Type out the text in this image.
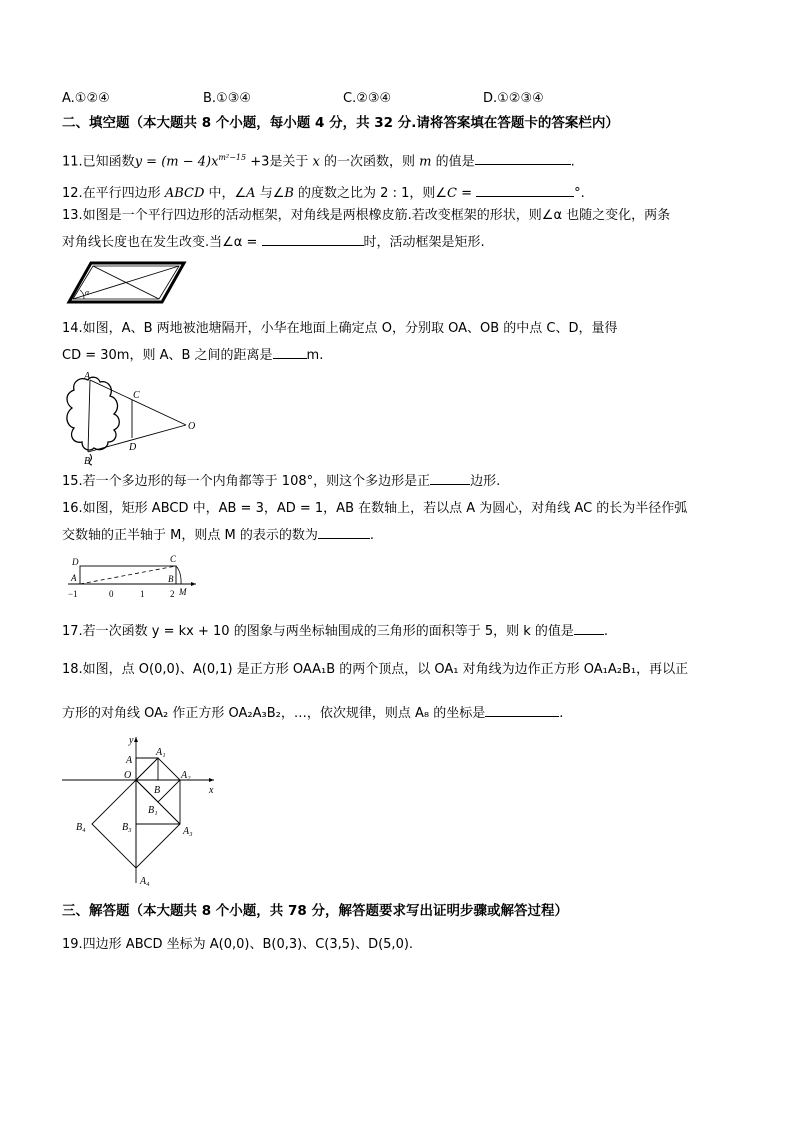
A.①②④	B.①③④	C.②③④	D.①②③④
二、填空题（本大题共 8 个小题，每小题 4 分，共 32 分.请将答案填在答题卡的答案栏内）
11.已知函数$y = (m - 4)x^{m^2-15} +3$是关于 x 的一次函数，则 m 的值是	.
12.在平行四边形 ABCD 中，∠A 与∠B 的度数之比为 2 : 1，则∠C =	°.
13.如图是一个平行四边形的活动框架，对角线是两根橡皮筋.若改变框架的形状，则∠α 也随之变化，两条
对角线长度也在发生改变.当∠α =	时，活动框架是矩形.
α
14.如图，A、B 两地被池塘隔开，小华在地面上确定点 O，分别取 OA、OB 的中点 C、D，量得
CD = 30m，则 A、B 之间的距离是	m.
A
B
C
D
O
15.若一个多边形的每一个内角都等于 108°，则这个多边形是正	边形.
16.如图，矩形 ABCD 中，AB = 3，AD = 1，AB 在数轴上，若以点 A 为圆心，对角线 AC 的长为半径作弧
交数轴的正半轴于 M，则点 M 的表示的数为	.
D	C
A	B
M
−1	0	1	2
17.若一次函数 y = kx + 10 的图象与两坐标轴围成的三角形的面积等于 5，则 k 的值是 .
18.如图，点 O(0,0)、A(0,1) 是正方形 OAA₁B 的两个顶点，以 OA₁ 对角线为边作正方形 OA₁A₂B₁，再以正
方形的对角线 OA₂ 作正方形 OA₂A₃B₂，…，依次规律，则点 A₈ 的坐标是	.
y
x
O
A
A₁
A₂
A₃
A₄
B
B₁
B₃
B₄
三、解答题（本大题共 8 个小题，共 78 分，解答题要求写出证明步骤或解答过程）
19.四边形 ABCD 坐标为 A(0,0)、B(0,3)、C(3,5)、D(5,0).
